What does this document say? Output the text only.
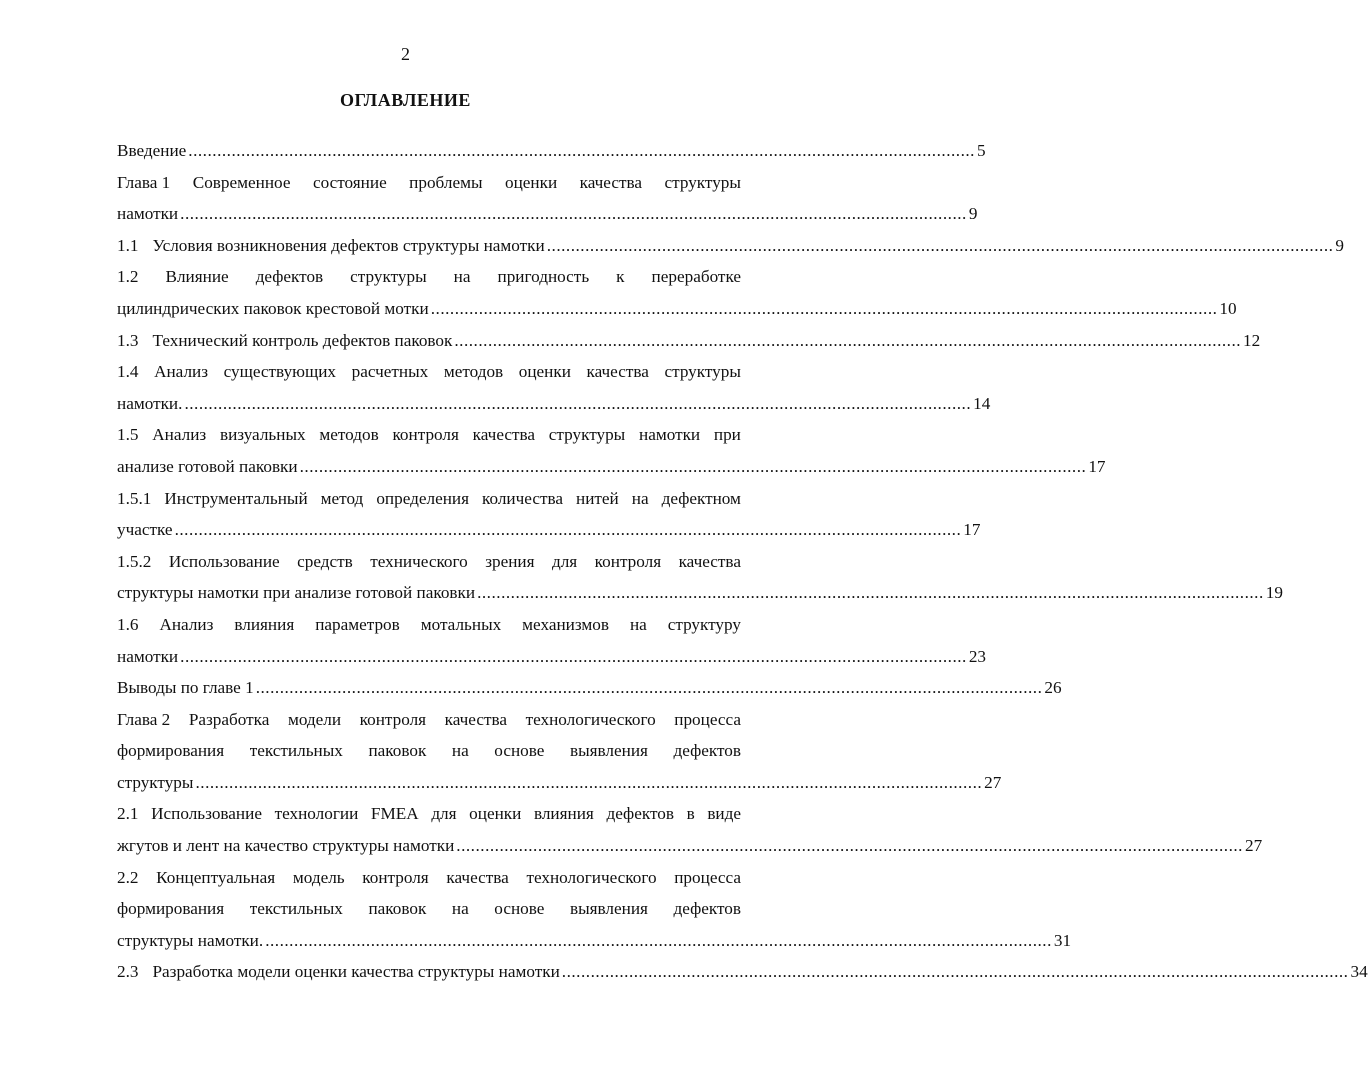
2
ОГЛАВЛЕНИЕ
Введение .................................................................................................................................................................... 5
Глава 1 Современное состояние проблемы оценки качества структуры
намотки .................................................................................................................................................................... 9
1.1 Условия возникновения дефектов структуры намотки .................................................................................................................................................................... 9
1.2 Влияние дефектов структуры на пригодность к переработке
цилиндрических паковок крестовой мотки .................................................................................................................................................................... 10
1.3 Технический контроль дефектов паковок .................................................................................................................................................................... 12
1.4 Анализ существующих расчетных методов оценки качества структуры
намотки. .................................................................................................................................................................... 14
1.5 Анализ визуальных методов контроля качества структуры намотки при
анализе готовой паковки .................................................................................................................................................................... 17
1.5.1 Инструментальный метод определения количества нитей на дефектном
участке .................................................................................................................................................................... 17
1.5.2 Использование средств технического зрения для контроля качества
структуры намотки при анализе готовой паковки .................................................................................................................................................................... 19
1.6 Анализ влияния параметров мотальных механизмов на структуру
намотки .................................................................................................................................................................... 23
Выводы по главе 1 .................................................................................................................................................................... 26
Глава 2 Разработка модели контроля качества технологического процесса
формирования текстильных паковок на основе выявления дефектов
структуры .................................................................................................................................................................... 27
2.1 Использование технологии FMEA для оценки влияния дефектов в виде
жгутов и лент на качество структуры намотки .................................................................................................................................................................... 27
2.2 Концептуальная модель контроля качества технологического процесса
формирования текстильных паковок на основе выявления дефектов
структуры намотки. .................................................................................................................................................................... 31
2.3 Разработка модели оценки качества структуры намотки .................................................................................................................................................................... 34
